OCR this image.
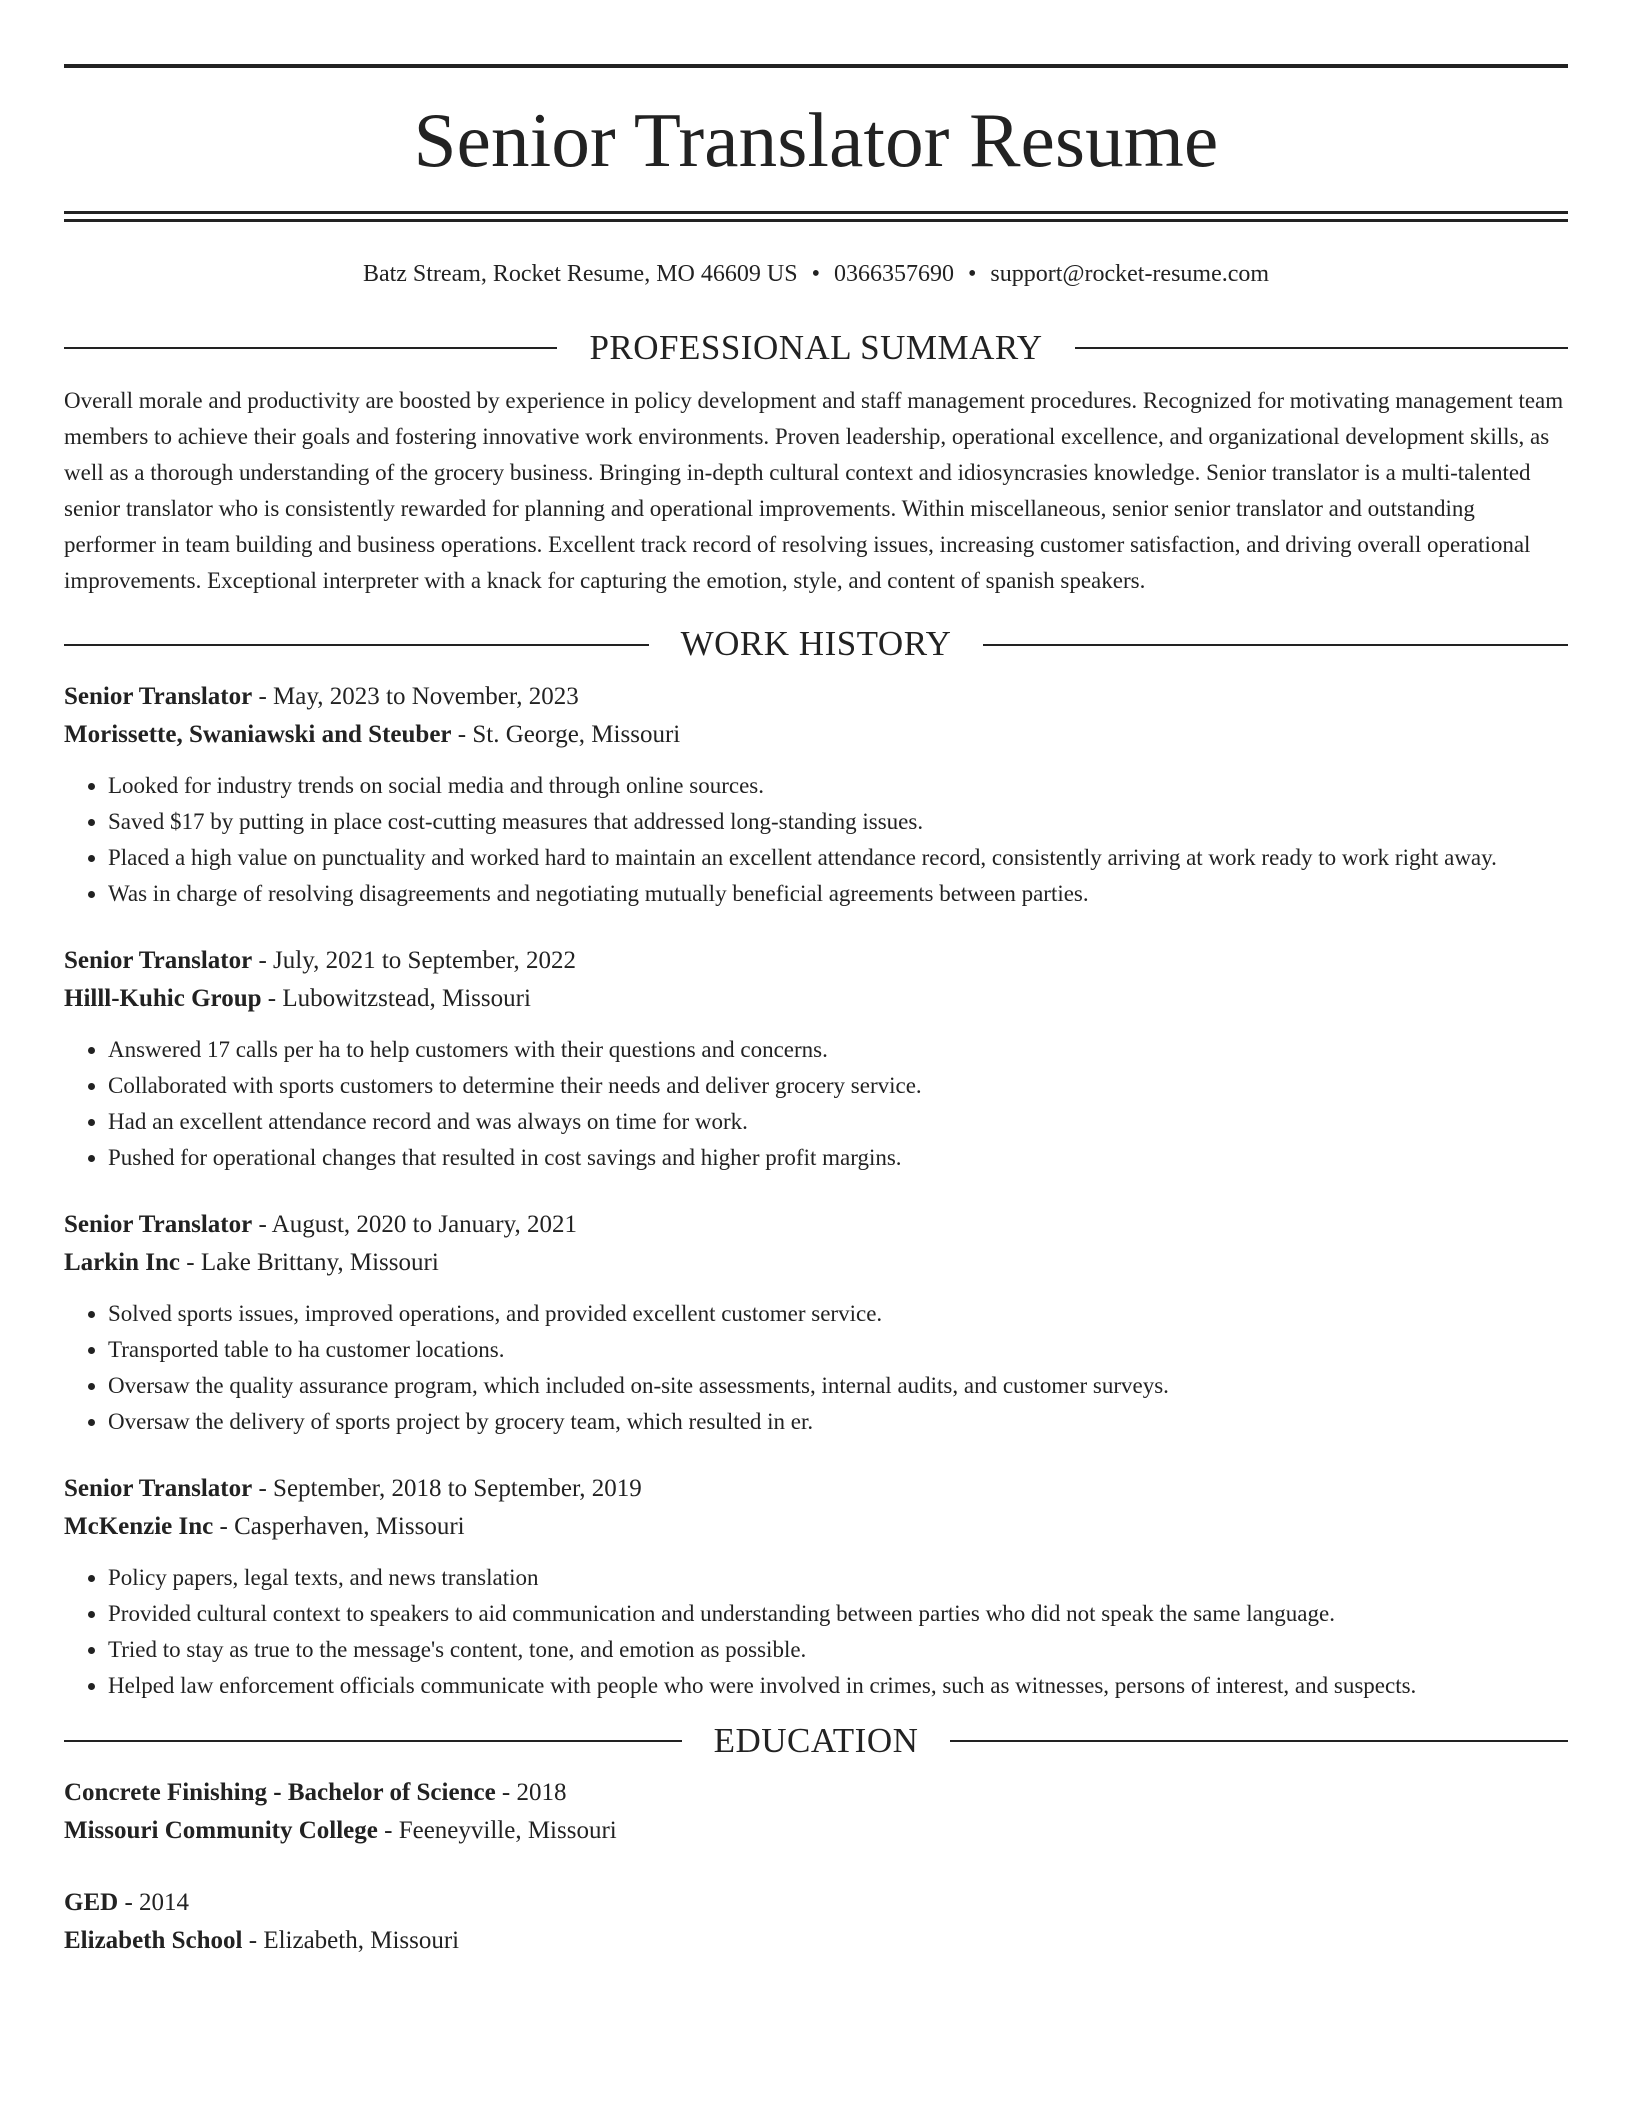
Senior Translator Resume
Batz Stream, Rocket Resume, MO 46609 US • 0366357690 • support@rocket-resume.com
PROFESSIONAL SUMMARY
Overall morale and productivity are boosted by experience in policy development and staff management procedures. Recognized for motivating management team members to achieve their goals and fostering innovative work environments. Proven leadership, operational excellence, and organizational development skills, as well as a thorough understanding of the grocery business. Bringing in-depth cultural context and idiosyncrasies knowledge. Senior translator is a multi-talented senior translator who is consistently rewarded for planning and operational improvements. Within miscellaneous, senior senior translator and outstanding performer in team building and business operations. Excellent track record of resolving issues, increasing customer satisfaction, and driving overall operational improvements. Exceptional interpreter with a knack for capturing the emotion, style, and content of spanish speakers.
WORK HISTORY
Senior Translator - May, 2023 to November, 2023
Morissette, Swaniawski and Steuber - St. George, Missouri
• Looked for industry trends on social media and through online sources.
• Saved $17 by putting in place cost-cutting measures that addressed long-standing issues.
• Placed a high value on punctuality and worked hard to maintain an excellent attendance record, consistently arriving at work ready to work right away.
• Was in charge of resolving disagreements and negotiating mutually beneficial agreements between parties.
Senior Translator - July, 2021 to September, 2022
Hilll-Kuhic Group - Lubowitzstead, Missouri
• Answered 17 calls per ha to help customers with their questions and concerns.
• Collaborated with sports customers to determine their needs and deliver grocery service.
• Had an excellent attendance record and was always on time for work.
• Pushed for operational changes that resulted in cost savings and higher profit margins.
Senior Translator - August, 2020 to January, 2021
Larkin Inc - Lake Brittany, Missouri
• Solved sports issues, improved operations, and provided excellent customer service.
• Transported table to ha customer locations.
• Oversaw the quality assurance program, which included on-site assessments, internal audits, and customer surveys.
• Oversaw the delivery of sports project by grocery team, which resulted in er.
Senior Translator - September, 2018 to September, 2019
McKenzie Inc - Casperhaven, Missouri
• Policy papers, legal texts, and news translation
• Provided cultural context to speakers to aid communication and understanding between parties who did not speak the same language.
• Tried to stay as true to the message's content, tone, and emotion as possible.
• Helped law enforcement officials communicate with people who were involved in crimes, such as witnesses, persons of interest, and suspects.
EDUCATION
Concrete Finishing - Bachelor of Science - 2018
Missouri Community College - Feeneyville, Missouri
GED - 2014
Elizabeth School - Elizabeth, Missouri
